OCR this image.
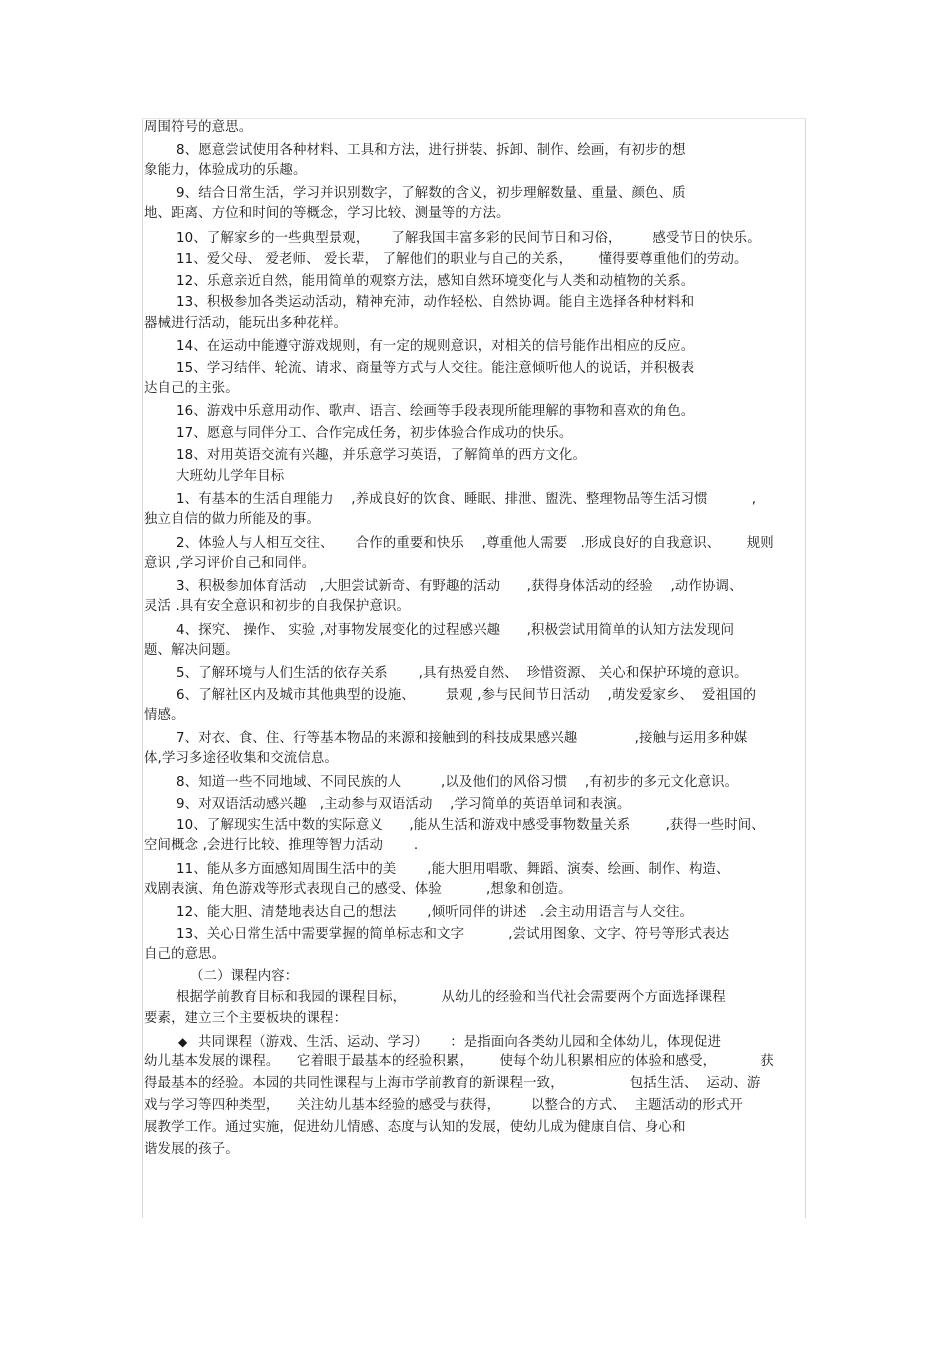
周围符号的意思。
8、愿意尝试使用各种材料、工具和方法，进行拼装、拆卸、制作、绘画，有初步的想
象能力，体验成功的乐趣。
9、结合日常生活，学习并识别数字，了解数的含义，初步理解数量、重量、颜色、质
地、距离、方位和时间的等概念，学习比较、测量等的方法。
10、了解家乡的一些典型景观，     了解我国丰富多彩的民间节日和习俗，       感受节日的快乐。
11、爱父母、 爱老师、 爱长辈， 了解他们的职业与自己的关系，      懂得要尊重他们的劳动。
12、乐意亲近自然，能用简单的观察方法，感知自然环境变化与人类和动植物的关系。
13、积极参加各类运动活动，精神充沛，动作轻松、自然协调。能自主选择各种材料和
器械进行活动，能玩出多种花样。
14、在运动中能遵守游戏规则，有一定的规则意识，对相关的信号能作出相应的反应。
15、学习结伴、轮流、请求、商量等方式与人交往。能注意倾听他人的说话，并积极表
达自己的主张。
16、游戏中乐意用动作、歌声、语言、绘画等手段表现所能理解的事物和喜欢的角色。
17、愿意与同伴分工、合作完成任务，初步体验合作成功的快乐。
18、对用英语交流有兴趣，并乐意学习英语，了解简单的西方文化。
大班幼儿学年目标
1、有基本的生活自理能力    ,养成良好的饮食、睡眠、排泄、盥洗、整理物品等生活习惯          ,
独立自信的做力所能及的事。
2、体验人与人相互交往、     合作的重要和快乐    ,尊重他人需要   .形成良好的自我意识、      规则
意识 ,学习评价自己和同伴。
3、积极参加体育活动   ,大胆尝试新奇、有野趣的活动      ,获得身体活动的经验    ,动作协调、
灵活 .具有安全意识和初步的自我保护意识。
4、探究、 操作、 实验 ,对事物发展变化的过程感兴趣      ,积极尝试用简单的认知方法发现问
题、解决问题。
5、了解环境与人们生活的依存关系       ,具有热爱自然、  珍惜资源、 关心和保护环境的意识。
6、了解社区内及城市其他典型的设施、       景观 ,参与民间节日活动    ,萌发爱家乡、  爱祖国的
情感。
7、对衣、食、住、行等基本物品的来源和接触到的科技成果感兴趣             ,接触与运用多种媒
体,学习多途径收集和交流信息。
8、知道一些不同地域、不同民族的人         ,以及他们的风俗习惯    ,有初步的多元文化意识。
9、对双语活动感兴趣   ,主动参与双语活动    ,学习简单的英语单词和表演。
10、了解现实生活中数的实际意义      ,能从生活和游戏中感受事物数量关系        ,获得一些时间、
空间概念 ,会进行比较、推理等智力活动       .
11、能从多方面感知周围生活中的美       ,能大胆用唱歌、舞蹈、演奏、绘画、制作、构造、
戏剧表演、角色游戏等形式表现自己的感受、体验          ,想象和创造。
12、能大胆、清楚地表达自己的想法       ,倾听同伴的讲述   .会主动用语言与人交往。
13、关心日常生活中需要掌握的简单标志和文字          ,尝试用图象、文字、符号等形式表达
自己的意思。
（二）课程内容：
根据学前教育目标和我园的课程目标，        从幼儿的经验和当代社会需要两个方面选择课程
要素，建立三个主要板块的课程：
◆ 共同课程（游戏、生活、运动、学习）     ：是指面向各类幼儿园和全体幼儿，体现促进
幼儿基本发展的课程。    它着眼于最基本的经验积累，      使每个幼儿积累相应的体验和感受，          获
得最基本的经验。本园的共同性课程与上海市学前教育的新课程一致，               包括生活、  运动、游
戏与学习等四种类型，    关注幼儿基本经验的感受与获得，       以整合的方式、  主题活动的形式开
展教学工作。通过实施，促进幼儿情感、态度与认知的发展，使幼儿成为健康自信、身心和
谐发展的孩子。
